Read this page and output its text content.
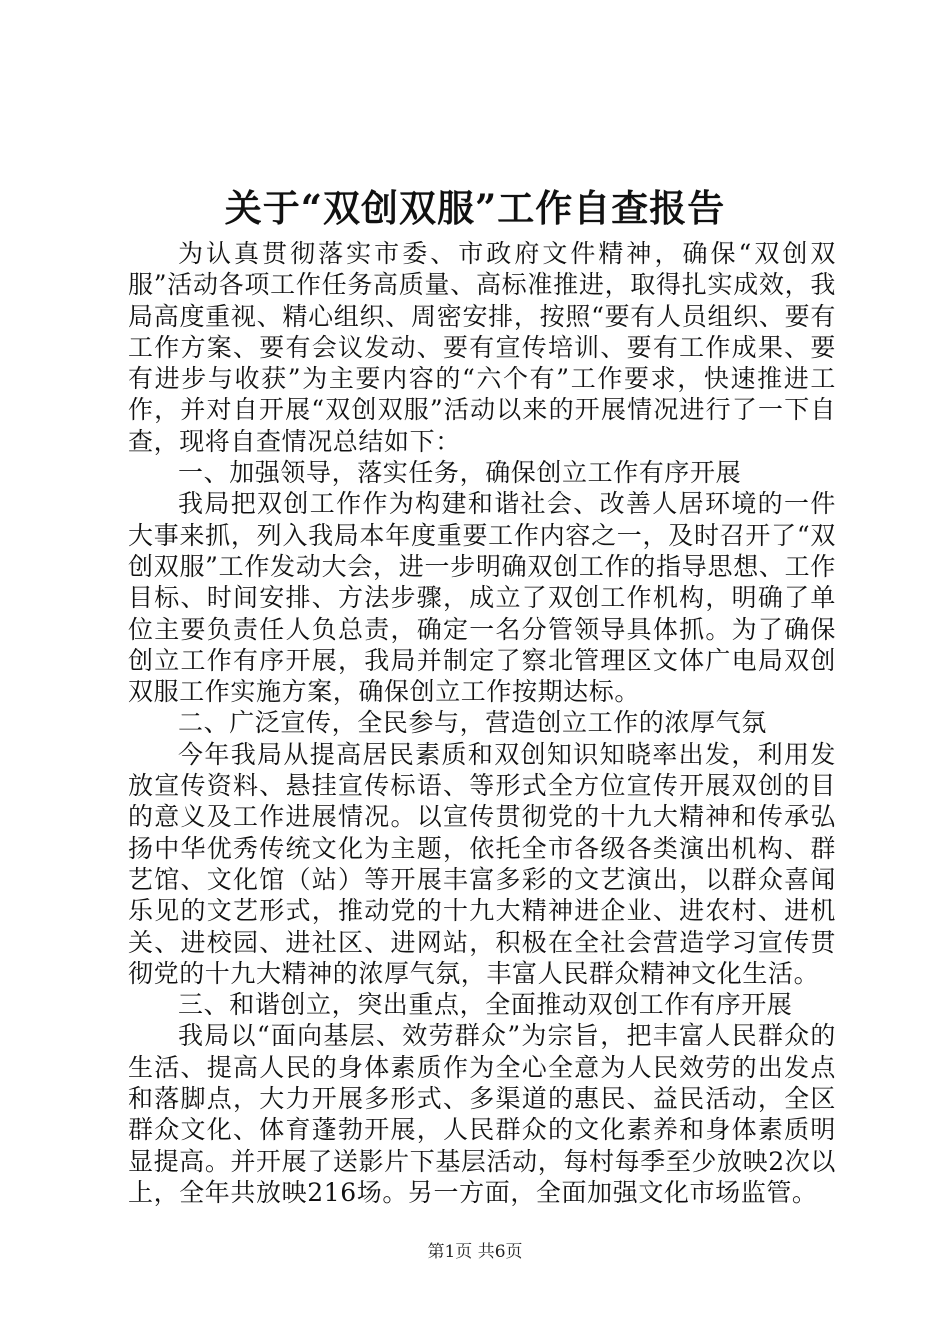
关于“双创双服”工作自查报告

为认真贯彻落实市委、市政府文件精神，确保“双创双服”活动各项工作任务高质量、高标准推进，取得扎实成效，我局高度重视、精心组织、周密安排，按照“要有人员组织、要有工作方案、要有会议发动、要有宣传培训、要有工作成果、要有进步与收获”为主要内容的“六个有”工作要求，快速推进工作，并对自开展“双创双服”活动以来的开展情况进行了一下自查，现将自查情况总结如下：

一、加强领导，落实任务，确保创立工作有序开展

我局把双创工作作为构建和谐社会、改善人居环境的一件大事来抓，列入我局本年度重要工作内容之一，及时召开了“双创双服”工作发动大会，进一步明确双创工作的指导思想、工作目标、时间安排、方法步骤，成立了双创工作机构，明确了单位主要负责任人负总责，确定一名分管领导具体抓。为了确保创立工作有序开展，我局并制定了察北管理区文体广电局双创双服工作实施方案，确保创立工作按期达标。

二、广泛宣传，全民参与，营造创立工作的浓厚气氛

今年我局从提高居民素质和双创知识知晓率出发，利用发放宣传资料、悬挂宣传标语、等形式全方位宣传开展双创的目的意义及工作进展情况。以宣传贯彻党的十九大精神和传承弘扬中华优秀传统文化为主题，依托全市各级各类演出机构、群艺馆、文化馆（站）等开展丰富多彩的文艺演出，以群众喜闻乐见的文艺形式，推动党的十九大精神进企业、进农村、进机关、进校园、进社区、进网站，积极在全社会营造学习宣传贯彻党的十九大精神的浓厚气氛，丰富人民群众精神文化生活。

三、和谐创立，突出重点，全面推动双创工作有序开展

我局以“面向基层、效劳群众”为宗旨，把丰富人民群众的生活、提高人民的身体素质作为全心全意为人民效劳的出发点和落脚点，大力开展多形式、多渠道的惠民、益民活动，全区群众文化、体育蓬勃开展，人民群众的文化素养和身体素质明显提高。并开展了送影片下基层活动，每村每季至少放映2次以上，全年共放映216场。另一方面，全面加强文化市场监管。

第1页 共6页
